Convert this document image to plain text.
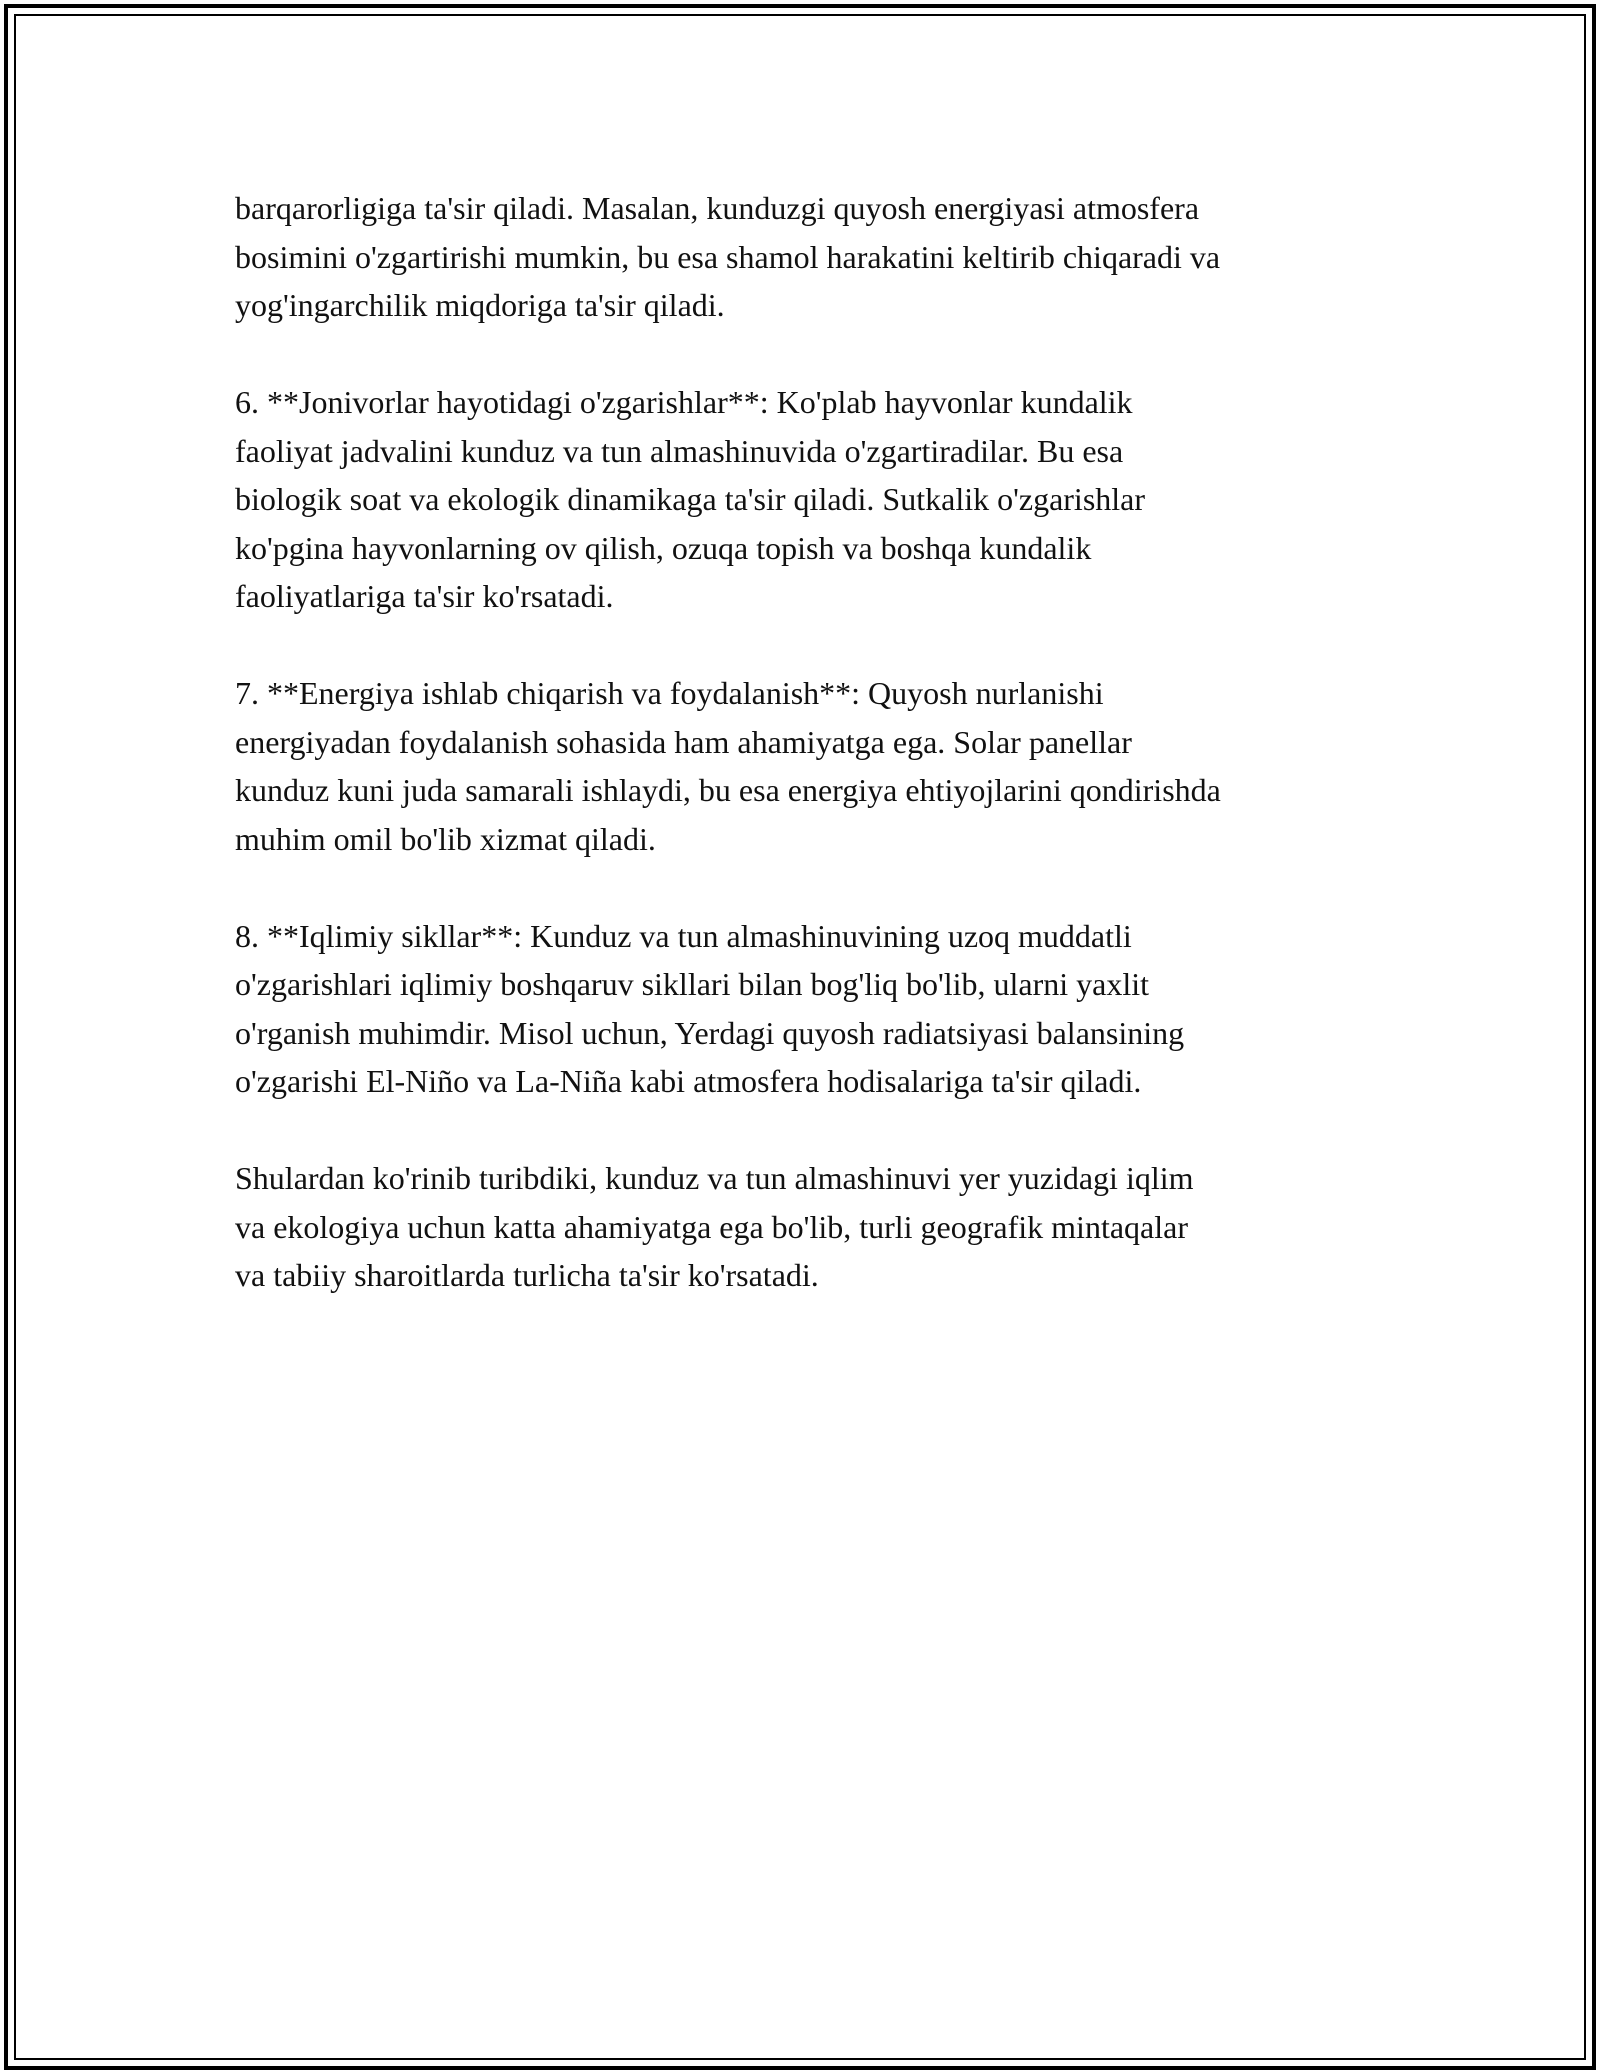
barqarorligiga ta'sir qiladi. Masalan, kunduzgi quyosh energiyasi atmosfera
bosimini o'zgartirishi mumkin, bu esa shamol harakatini keltirib chiqaradi va
yog'ingarchilik miqdoriga ta'sir qiladi.

6. **Jonivorlar hayotidagi o'zgarishlar**: Ko'plab hayvonlar kundalik
faoliyat jadvalini kunduz va tun almashinuvida o'zgartiradilar. Bu esa
biologik soat va ekologik dinamikaga ta'sir qiladi. Sutkalik o'zgarishlar
ko'pgina hayvonlarning ov qilish, ozuqa topish va boshqa kundalik
faoliyatlariga ta'sir ko'rsatadi.

7. **Energiya ishlab chiqarish va foydalanish**: Quyosh nurlanishi
energiyadan foydalanish sohasida ham ahamiyatga ega. Solar panellar
kunduz kuni juda samarali ishlaydi, bu esa energiya ehtiyojlarini qondirishda
muhim omil bo'lib xizmat qiladi.

8. **Iqlimiy sikllar**: Kunduz va tun almashinuvining uzoq muddatli
o'zgarishlari iqlimiy boshqaruv sikllari bilan bog'liq bo'lib, ularni yaxlit
o'rganish muhimdir. Misol uchun, Yerdagi quyosh radiatsiyasi balansining
o'zgarishi El-Niño va La-Niña kabi atmosfera hodisalariga ta'sir qiladi.

Shulardan ko'rinib turibdiki, kunduz va tun almashinuvi yer yuzidagi iqlim
va ekologiya uchun katta ahamiyatga ega bo'lib, turli geografik mintaqalar
va tabiiy sharoitlarda turlicha ta'sir ko'rsatadi.
